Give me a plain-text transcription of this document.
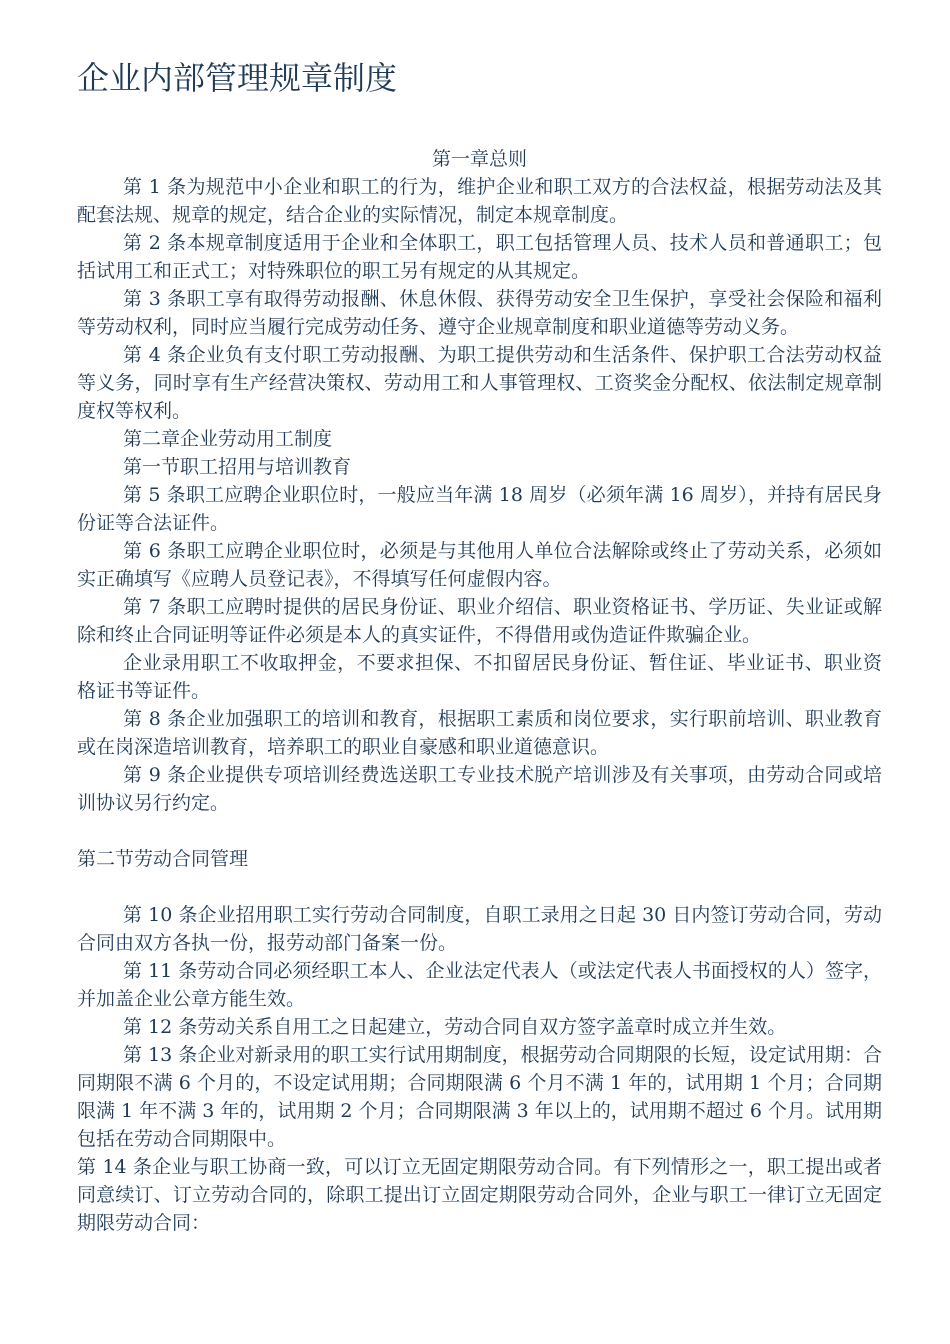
企业内部管理规章制度

第一章总则

第 1 条为规范中小企业和职工的行为，维护企业和职工双方的合法权益，根据劳动法及其配套法规、规章的规定，结合企业的实际情况，制定本规章制度。

第 2 条本规章制度适用于企业和全体职工，职工包括管理人员、技术人员和普通职工；包括试用工和正式工；对特殊职位的职工另有规定的从其规定。

第 3 条职工享有取得劳动报酬、休息休假、获得劳动安全卫生保护，享受社会保险和福利等劳动权利，同时应当履行完成劳动任务、遵守企业规章制度和职业道德等劳动义务。

第 4 条企业负有支付职工劳动报酬、为职工提供劳动和生活条件、保护职工合法劳动权益等义务，同时享有生产经营决策权、劳动用工和人事管理权、工资奖金分配权、依法制定规章制度权等权利。

第二章企业劳动用工制度

第一节职工招用与培训教育

第 5 条职工应聘企业职位时，一般应当年满 18 周岁（必须年满 16 周岁），并持有居民身份证等合法证件。

第 6 条职工应聘企业职位时，必须是与其他用人单位合法解除或终止了劳动关系，必须如实正确填写《应聘人员登记表》，不得填写任何虚假内容。

第 7 条职工应聘时提供的居民身份证、职业介绍信、职业资格证书、学历证、失业证或解除和终止合同证明等证件必须是本人的真实证件，不得借用或伪造证件欺骗企业。

企业录用职工不收取押金，不要求担保、不扣留居民身份证、暂住证、毕业证书、职业资格证书等证件。

第 8 条企业加强职工的培训和教育，根据职工素质和岗位要求，实行职前培训、职业教育或在岗深造培训教育，培养职工的职业自豪感和职业道德意识。

第 9 条企业提供专项培训经费选送职工专业技术脱产培训涉及有关事项，由劳动合同或培训协议另行约定。

第二节劳动合同管理

第 10 条企业招用职工实行劳动合同制度，自职工录用之日起 30 日内签订劳动合同，劳动合同由双方各执一份，报劳动部门备案一份。

第 11 条劳动合同必须经职工本人、企业法定代表人（或法定代表人书面授权的人）签字，并加盖企业公章方能生效。

第 12 条劳动关系自用工之日起建立，劳动合同自双方签字盖章时成立并生效。

第 13 条企业对新录用的职工实行试用期制度，根据劳动合同期限的长短，设定试用期：合同期限不满 6 个月的，不设定试用期；合同期限满 6 个月不满 1 年的，试用期 1 个月；合同期限满 1 年不满 3 年的，试用期 2 个月；合同期限满 3 年以上的，试用期不超过 6 个月。试用期包括在劳动合同期限中。

第 14 条企业与职工协商一致，可以订立无固定期限劳动合同。有下列情形之一，职工提出或者同意续订、订立劳动合同的，除职工提出订立固定期限劳动合同外，企业与职工一律订立无固定期限劳动合同：
